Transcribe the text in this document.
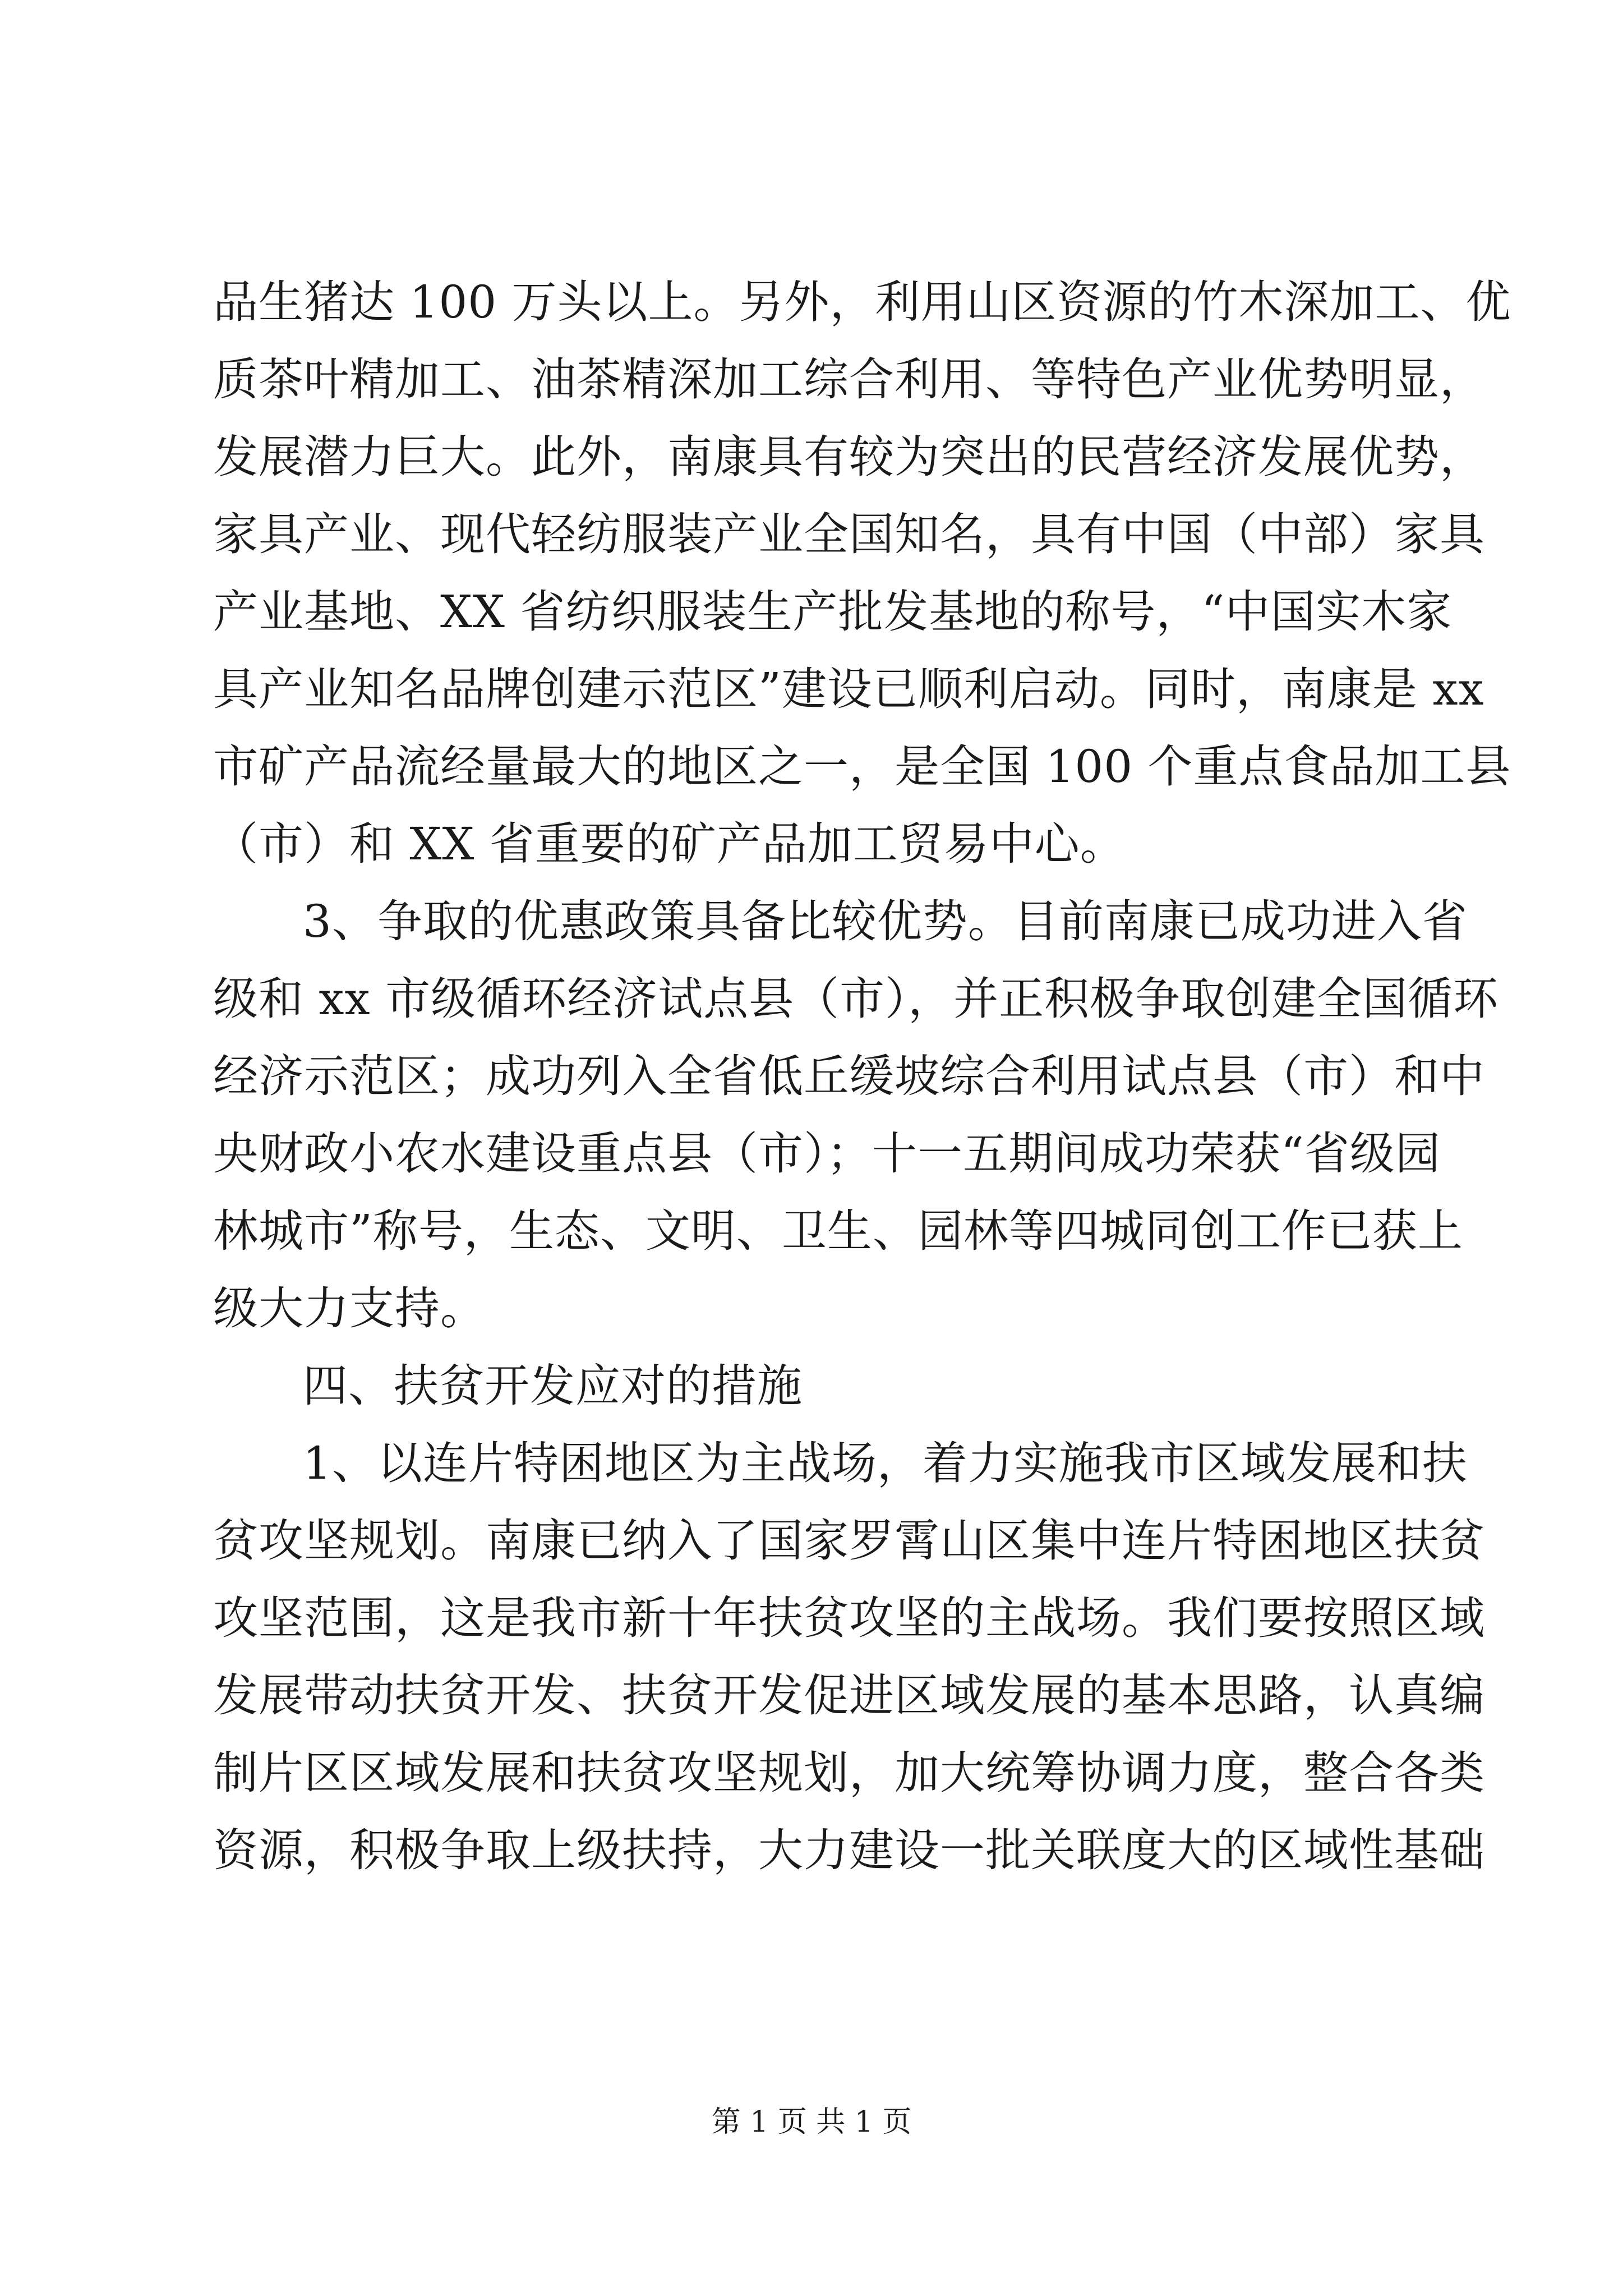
品生猪达 100 万头以上。另外，利用山区资源的竹木深加工、优
质茶叶精加工、油茶精深加工综合利用、等特色产业优势明显，
发展潜力巨大。此外，南康具有较为突出的民营经济发展优势，
家具产业、现代轻纺服装产业全国知名，具有中国（中部）家具
产业基地、XX 省纺织服装生产批发基地的称号，“中国实木家
具产业知名品牌创建示范区”建设已顺利启动。同时，南康是 xx
市矿产品流经量最大的地区之一，是全国 100 个重点食品加工县
（市）和 XX 省重要的矿产品加工贸易中心。
3、争取的优惠政策具备比较优势。目前南康已成功进入省
级和 xx 市级循环经济试点县（市），并正积极争取创建全国循环
经济示范区；成功列入全省低丘缓坡综合利用试点县（市）和中
央财政小农水建设重点县（市）；十一五期间成功荣获“省级园
林城市”称号，生态、文明、卫生、园林等四城同创工作已获上
级大力支持。
四、扶贫开发应对的措施
1、以连片特困地区为主战场，着力实施我市区域发展和扶
贫攻坚规划。南康已纳入了国家罗霄山区集中连片特困地区扶贫
攻坚范围，这是我市新十年扶贫攻坚的主战场。我们要按照区域
发展带动扶贫开发、扶贫开发促进区域发展的基本思路，认真编
制片区区域发展和扶贫攻坚规划，加大统筹协调力度，整合各类
资源，积极争取上级扶持，大力建设一批关联度大的区域性基础
第 1 页 共 1 页
